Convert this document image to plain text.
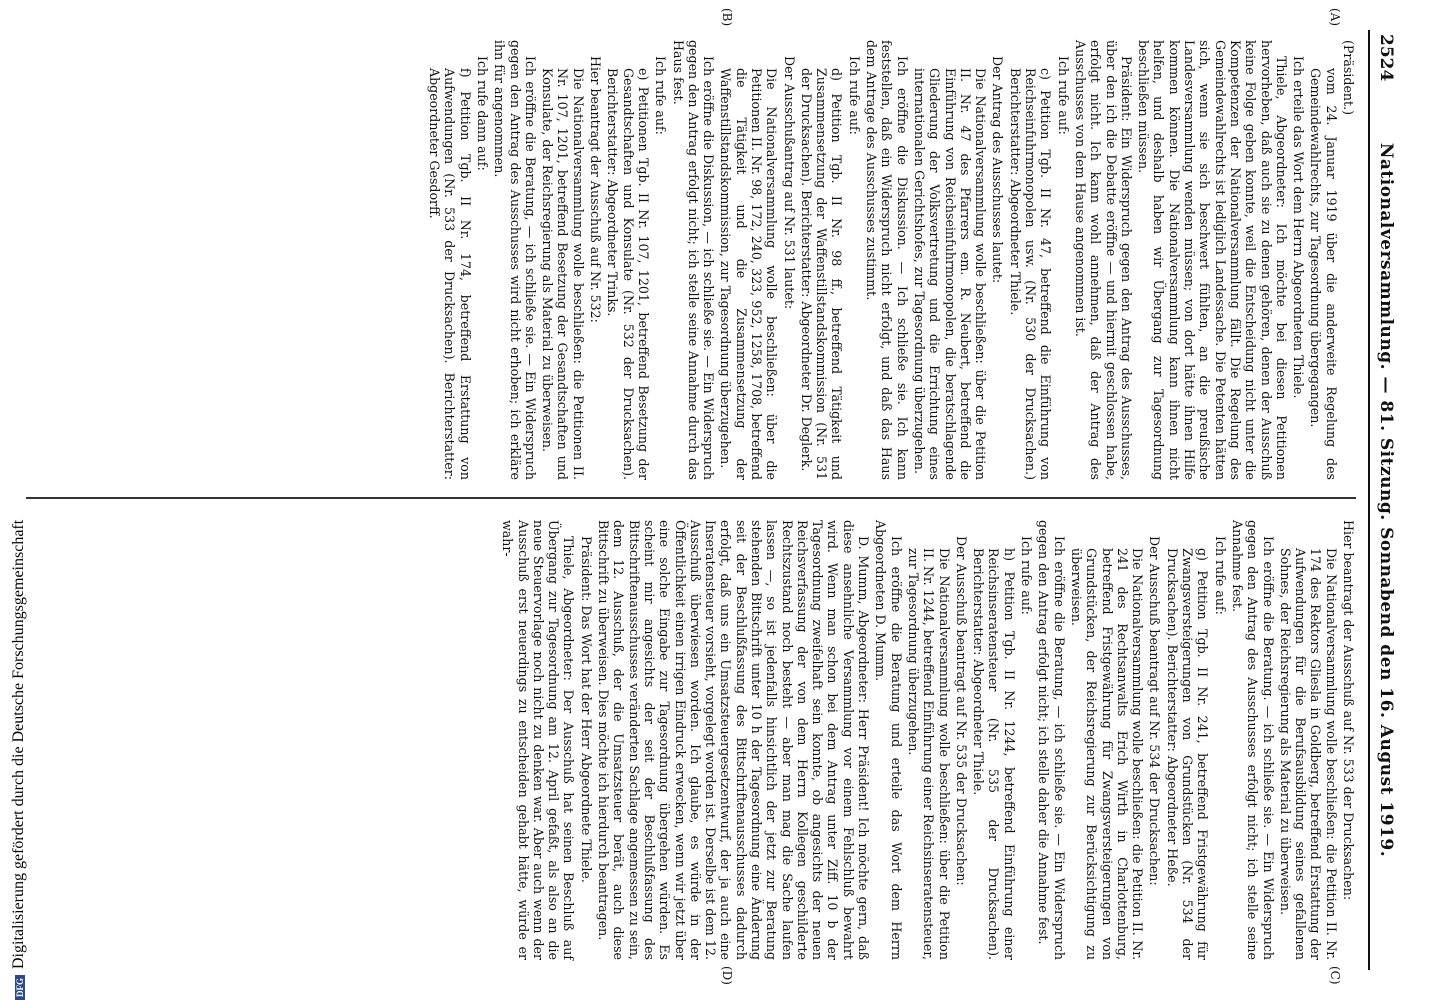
2524
Nationalversammlung. — 81. Sitzung. Sonnabend den 16. August 1919.
(A)
(B)
(C)
(D)

(Präsident.)

vom 24. Januar 1919 über die anderweite Regelung des Gemeindewahlrechts, zur Tagesordnung übergegangen.

Ich erteile das Wort dem Herrn Abgeordneten Thiele.

Thiele, Abgeordneter: Ich möchte bei diesen Petitionen hervorheben, daß auch sie zu denen gehören, denen der Ausschuß keine Folge geben konnte, weil die Entscheidung nicht unter die Kompetenzen der Nationalversammlung fällt. Die Regelung des Gemeindewahlrechts ist lediglich Landessache. Die Petenten hätten sich, wenn sie sich beschwert fühlten, an die preußische Landesversammlung wenden müssen; von dort hätte ihnen Hilfe kommen können. Die Nationalversammlung kann ihnen nicht helfen, und deshalb haben wir Übergang zur Tagesordnung beschließen müssen.

Präsident: Ein Widerspruch gegen den Antrag des Ausschusses, über den ich die Debatte eröffne — und hiermit geschlossen habe, erfolgt nicht. Ich kann wohl annehmen, daß der Antrag des Ausschusses von dem Hause angenommen ist.

Ich rufe auf:

c) Petition Tgb. II Nr. 47, betreffend die Einführung von Reichseinfuhrmonopolen usw. (Nr. 530 der Drucksachen.) Berichterstatter: Abgeordneter Thiele.

Der Antrag des Ausschusses lautet:

Die Nationalversammlung wolle beschließen: über die Petition II. Nr. 47 des Pfarrers em. R. Neubert, betreffend die Einführung von Reichseinfuhrmonopolen, die beratschlagende Gliederung der Volksvertretung und die Errichtung eines internationalen Gerichtshofes, zur Tagesordnung überzugehen.

Ich eröffne die Diskussion. — Ich schließe sie. Ich kann feststellen, daß ein Widerspruch nicht erfolgt, und daß das Haus dem Antrage des Ausschusses zustimmt.

Ich rufe auf:

d) Petition Tgb. II Nr. 98 ff., betreffend Tätigkeit und Zusammensetzung der Waffenstillstandskommission (Nr. 531 der Drucksachen). Berichterstatter: Abgeordneter Dr. Deglerk.

Der Ausschußantrag auf Nr. 531 lautet:

Die Nationalversammlung wolle beschließen: über die Petitionen II. Nr. 98, 172, 240, 323, 952, 1258, 1708, betreffend die Tätigkeit und die Zusammensetzung der Waffenstillstandskommission, zur Tagesordnung überzugehen.

Ich eröffne die Diskussion, — ich schließe sie. — Ein Widerspruch gegen den Antrag erfolgt nicht; ich stelle seine Annahme durch das Haus fest.

Ich rufe auf:

e) Petitionen Tgb. II Nr. 107, 1201, betreffend Besetzung der Gesandtschaften und Konsulate (Nr. 532 der Drucksachen). Berichterstatter: Abgeordneter Trinks.

Hier beantragt der Ausschuß auf Nr. 532:

Die Nationalversammlung wolle beschließen: die Petitionen II. Nr. 107, 1201, betreffend Besetzung der Gesandtschaften und Konsulate, der Reichsregierung als Material zu überweisen.

Ich eröffne die Beratung, — ich schließe sie. — Ein Widerspruch gegen den Antrag des Ausschusses wird nicht erhoben; ich erkläre ihn für angenommen.

Ich rufe dann auf:

f) Petition Tgb. II Nr. 174, betreffend Erstattung von Aufwendungen (Nr. 533 der Drucksachen). Berichterstatter: Abgeordneter Gesdorff.

Hier beantragt der Ausschuß auf Nr. 533 der Drucksachen:

Die Nationalversammlung wolle beschließen: die Petition II. Nr. 174 des Rektors Gliesla in Goldberg, betreffend Erstattung der Aufwendungen für die Berufsausbildung seines gefallenen Sohnes, der Reichsregierung als Material zu überweisen.

Ich eröffne die Beratung. — ich schließe sie. — Ein Widerspruch gegen den Antrag des Ausschusses erfolgt nicht; ich stelle seine Annahme fest.

Ich rufe auf:

g) Petition Tgb. II Nr. 241, betreffend Fristgewährung für Zwangsversteigerungen von Grundstücken (Nr. 534 der Drucksachen). Berichterstatter: Abgeordneter Heße.

Der Ausschuß beantragt auf Nr. 534 der Drucksachen:

Die Nationalversammlung wolle beschließen: die Petition II. Nr. 241 des Rechtsanwalts Erich Wirth in Charlottenburg, betreffend Fristgewährung für Zwangsversteigerungen von Grundstücken, der Reichsregierung zur Berücksichtigung zu überweisen.

Ich eröffne die Beratung, — ich schließe sie. — Ein Widerspruch gegen den Antrag erfolgt nicht; ich stelle daher die Annahme fest.

Ich rufe auf:

h) Petition Tgb. II Nr. 1244, betreffend Einführung einer Reichsinseratensteuer (Nr. 535 der Drucksachen). Berichterstatter: Abgeordneter Thiele.

Der Ausschuß beantragt auf Nr. 535 der Drucksachen:

Die Nationalversammlung wolle beschließen: über die Petition II. Nr. 1244, betreffend Einführung einer Reichsinseratensteuer, zur Tagesordnung überzugehen.

Ich eröffne die Beratung und erteile das Wort dem Herrn Abgeordneten D. Mumm.

D. Mumm, Abgeordneter: Herr Präsident! Ich möchte gern, daß diese ansehnliche Versammlung vor einem Fehlschluß bewahrt wird. Wenn man schon bei dem Antrag unter Ziff. 10 b der Tagesordnung zweifelhaft sein konnte, ob angesichts der neuen Reichsverfassung der von dem Herrn Kollegen geschilderte Rechtszustand noch besteht — aber man mag die Sache laufen lassen —, so ist jedenfalls hinsichtlich der jetzt zur Beratung stehenden Bittschrift unter 10 h der Tagesordnung eine Änderung seit der Beschlußfassung des Bittschriftenausschusses dadurch erfolgt, daß uns ein Umsatzsteuergesetzentwurf, der ja auch eine Inseratensteuer vorsieht, vorgelegt worden ist. Derselbe ist dem 12. Ausschuß überwiesen worden. Ich glaube, es würde in der Öffentlichkeit einen irrigen Eindruck erwecken, wenn wir jetzt über eine solche Eingabe zur Tagesordnung übergehen würden. Es scheint mir angesichts der seit der Beschlußfassung des Bittschriftenausschusses veränderten Sachlage angemessen zu sein, dem 12. Ausschuß, der die Umsatzsteuer berät, auch diese Bittschrift zu überweisen. Dies möchte ich hierdurch beantragen.

Präsident: Das Wort hat der Herr Abgeordnete Thiele.

Thiele, Abgeordneter: Der Ausschuß hat seinen Beschluß auf Übergang zur Tagesordnung am 12. April gefaßt, als also an die neue Steuervorlage noch nicht zu denken war. Aber auch wenn der Ausschuß erst neuerdings zu entscheiden gehabt hätte, würde er wahr-

DFGDigitalisierung gefördert durch die Deutsche Forschungsgemeinschaft
